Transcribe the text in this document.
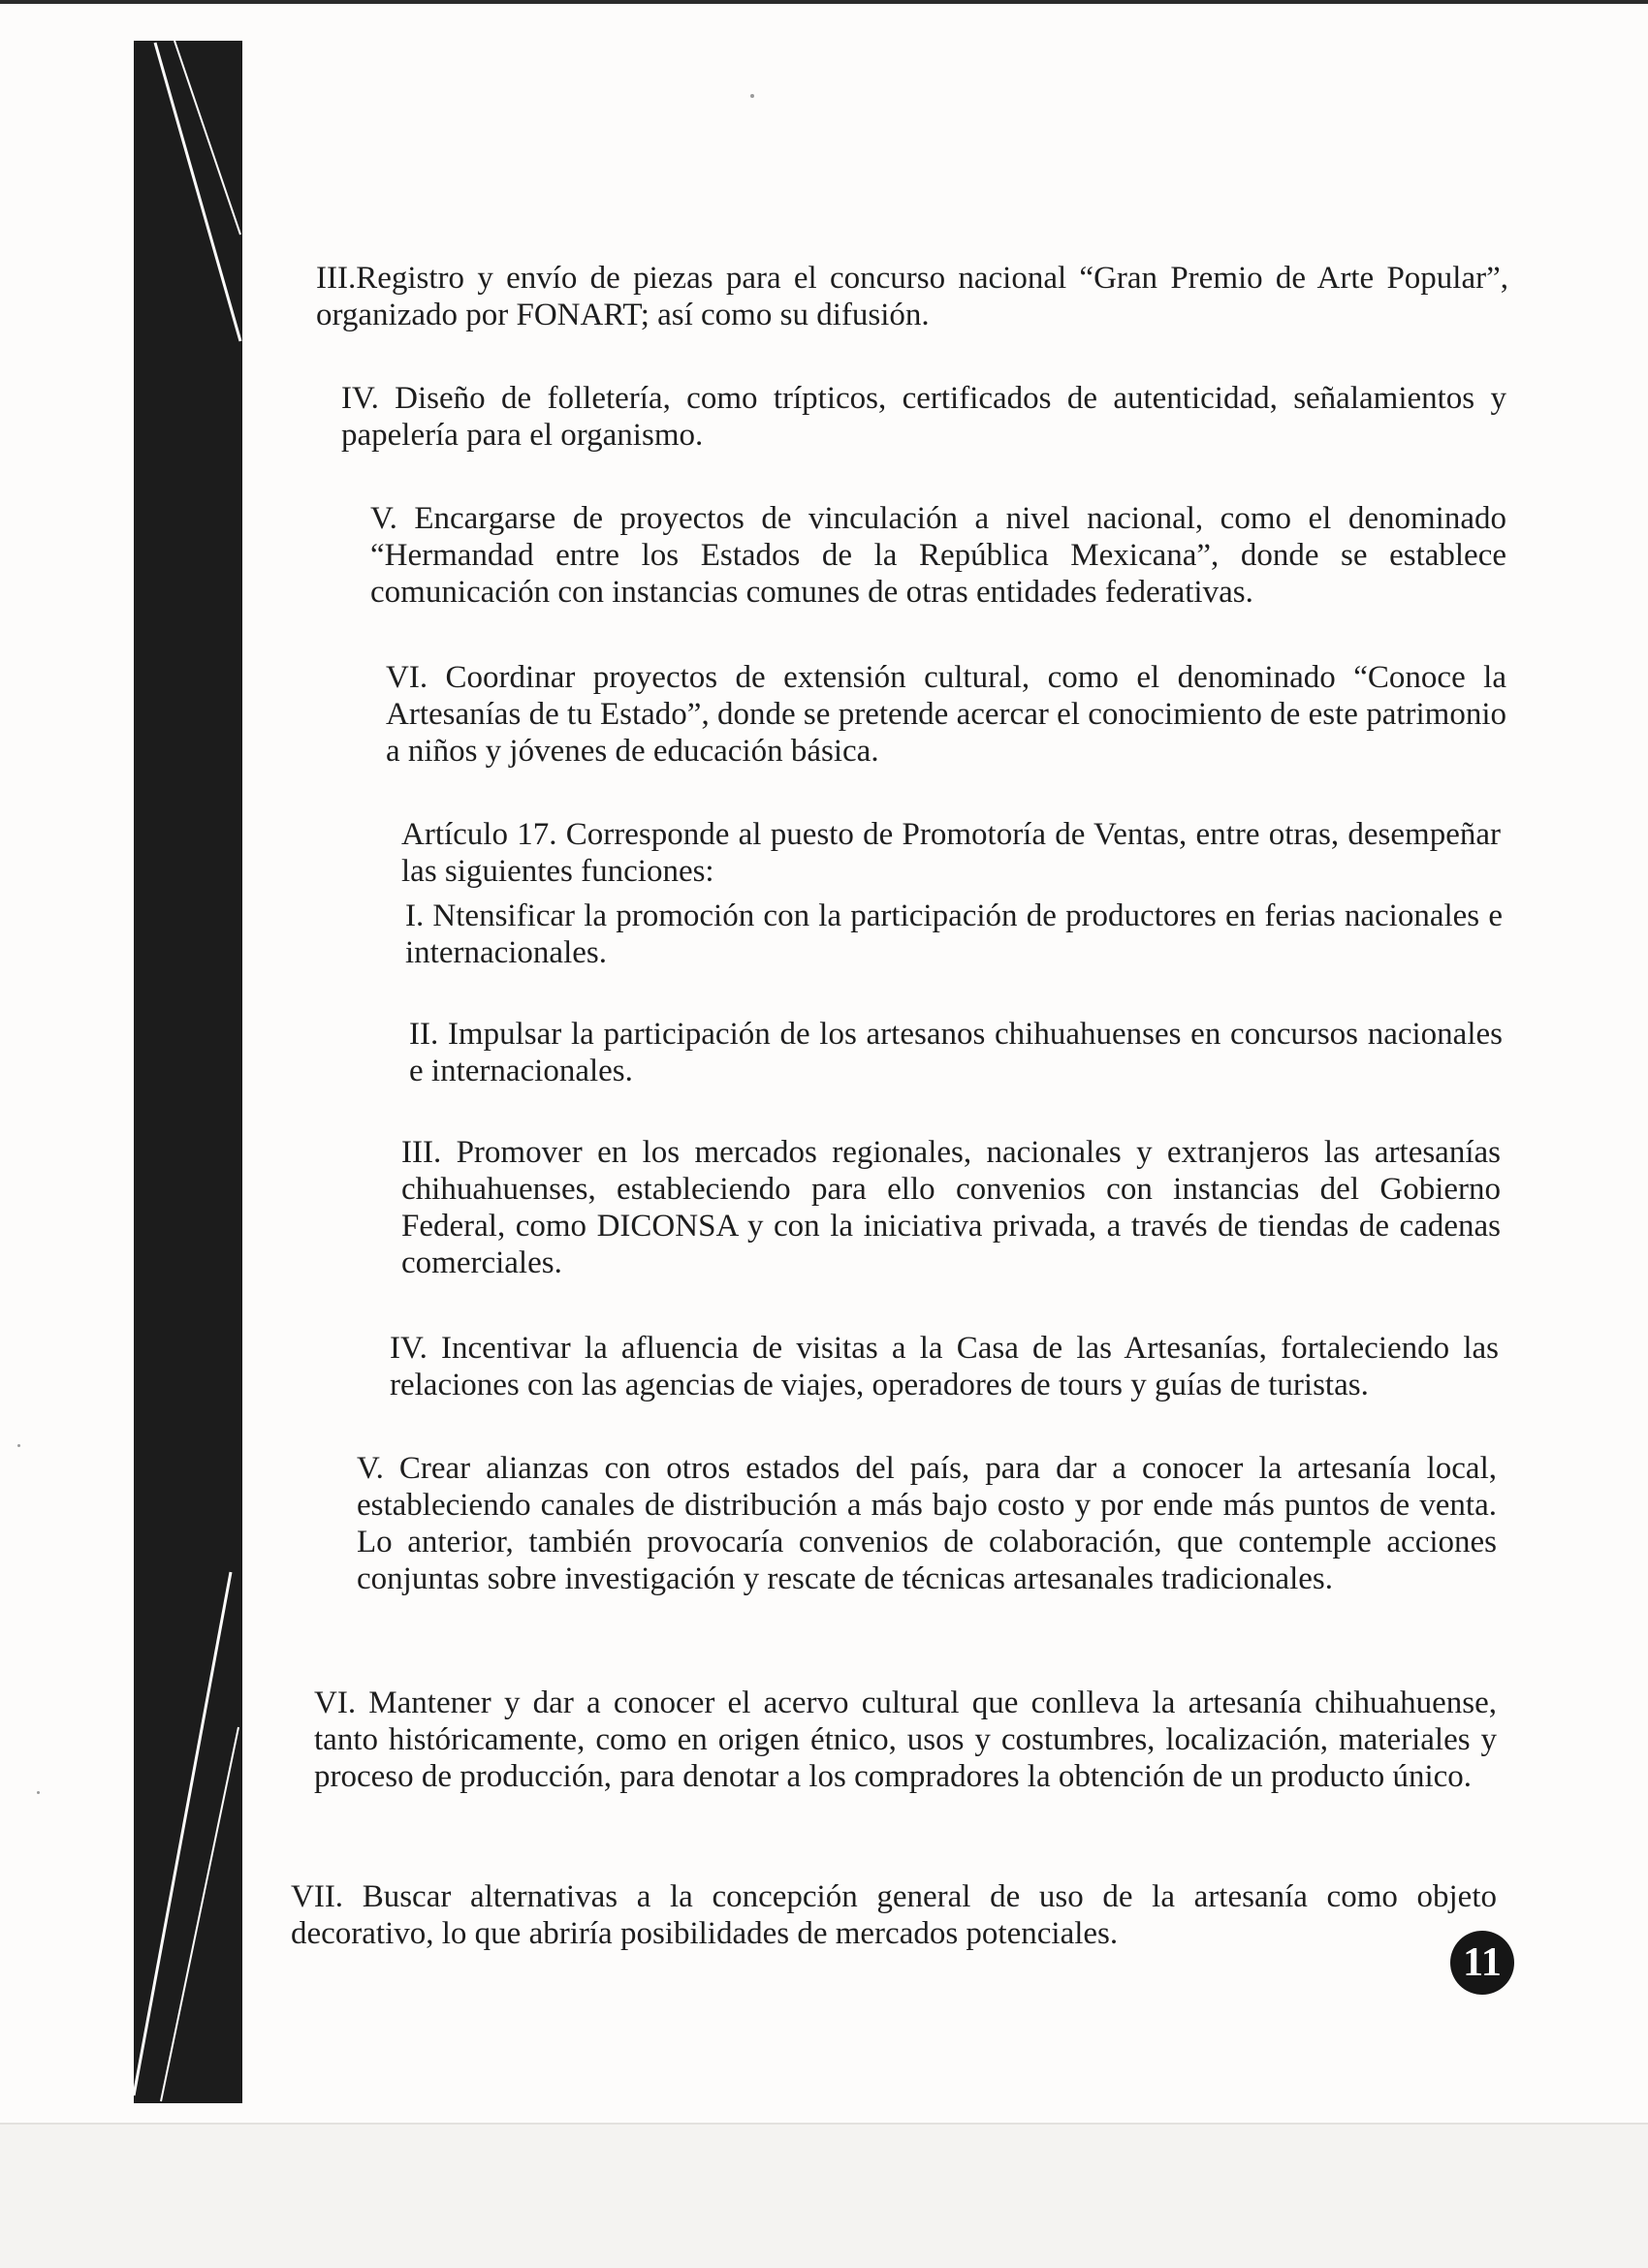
III.Registro y envío de piezas para el concurso nacional “Gran Premio de Arte Popular”, organizado por FONART; así como su difusión.

IV. Diseño de folletería, como trípticos, certificados de autenticidad, señalamientos y papelería para el organismo.

V. Encargarse de proyectos de vinculación a nivel nacional, como el denominado “Hermandad entre los Estados de la República Mexicana”, donde se establece comunicación con instancias comunes de otras entidades federativas.

VI. Coordinar proyectos de extensión cultural, como el denominado “Conoce la Artesanías de tu Estado”, donde se pretende acercar el conocimiento de este patrimonio a niños y jóvenes de educación básica.

Artículo 17. Corresponde al puesto de Promotoría de Ventas, entre otras, desempeñar las siguientes funciones:

I. Ntensificar la promoción con la participación de productores en ferias nacionales e internacionales.

II. Impulsar la participación de los artesanos chihuahuenses en concursos nacionales e internacionales.

III. Promover en los mercados regionales, nacionales y extranjeros las artesanías chihuahuenses, estableciendo para ello convenios con instancias del Gobierno Federal, como DICONSA y con la iniciativa privada, a través de tiendas de cadenas comerciales.

IV. Incentivar la afluencia de visitas a la Casa de las Artesanías, fortaleciendo las relaciones con las agencias de viajes, operadores de tours y guías de turistas.

V. Crear alianzas con otros estados del país, para dar a conocer la artesanía local, estableciendo canales de distribución a más bajo costo y por ende más puntos de venta. Lo anterior, también provocaría convenios de colaboración, que contemple acciones conjuntas sobre investigación y rescate de técnicas artesanales tradicionales.

VI. Mantener y dar a conocer el acervo cultural que conlleva la artesanía chihuahuense, tanto históricamente, como en origen étnico, usos y costumbres, localización, materiales y proceso de producción, para denotar a los compradores la obtención de un producto único.

VII. Buscar alternativas a la concepción general de uso de la artesanía como objeto decorativo, lo que abriría posibilidades de mercados potenciales.

11
